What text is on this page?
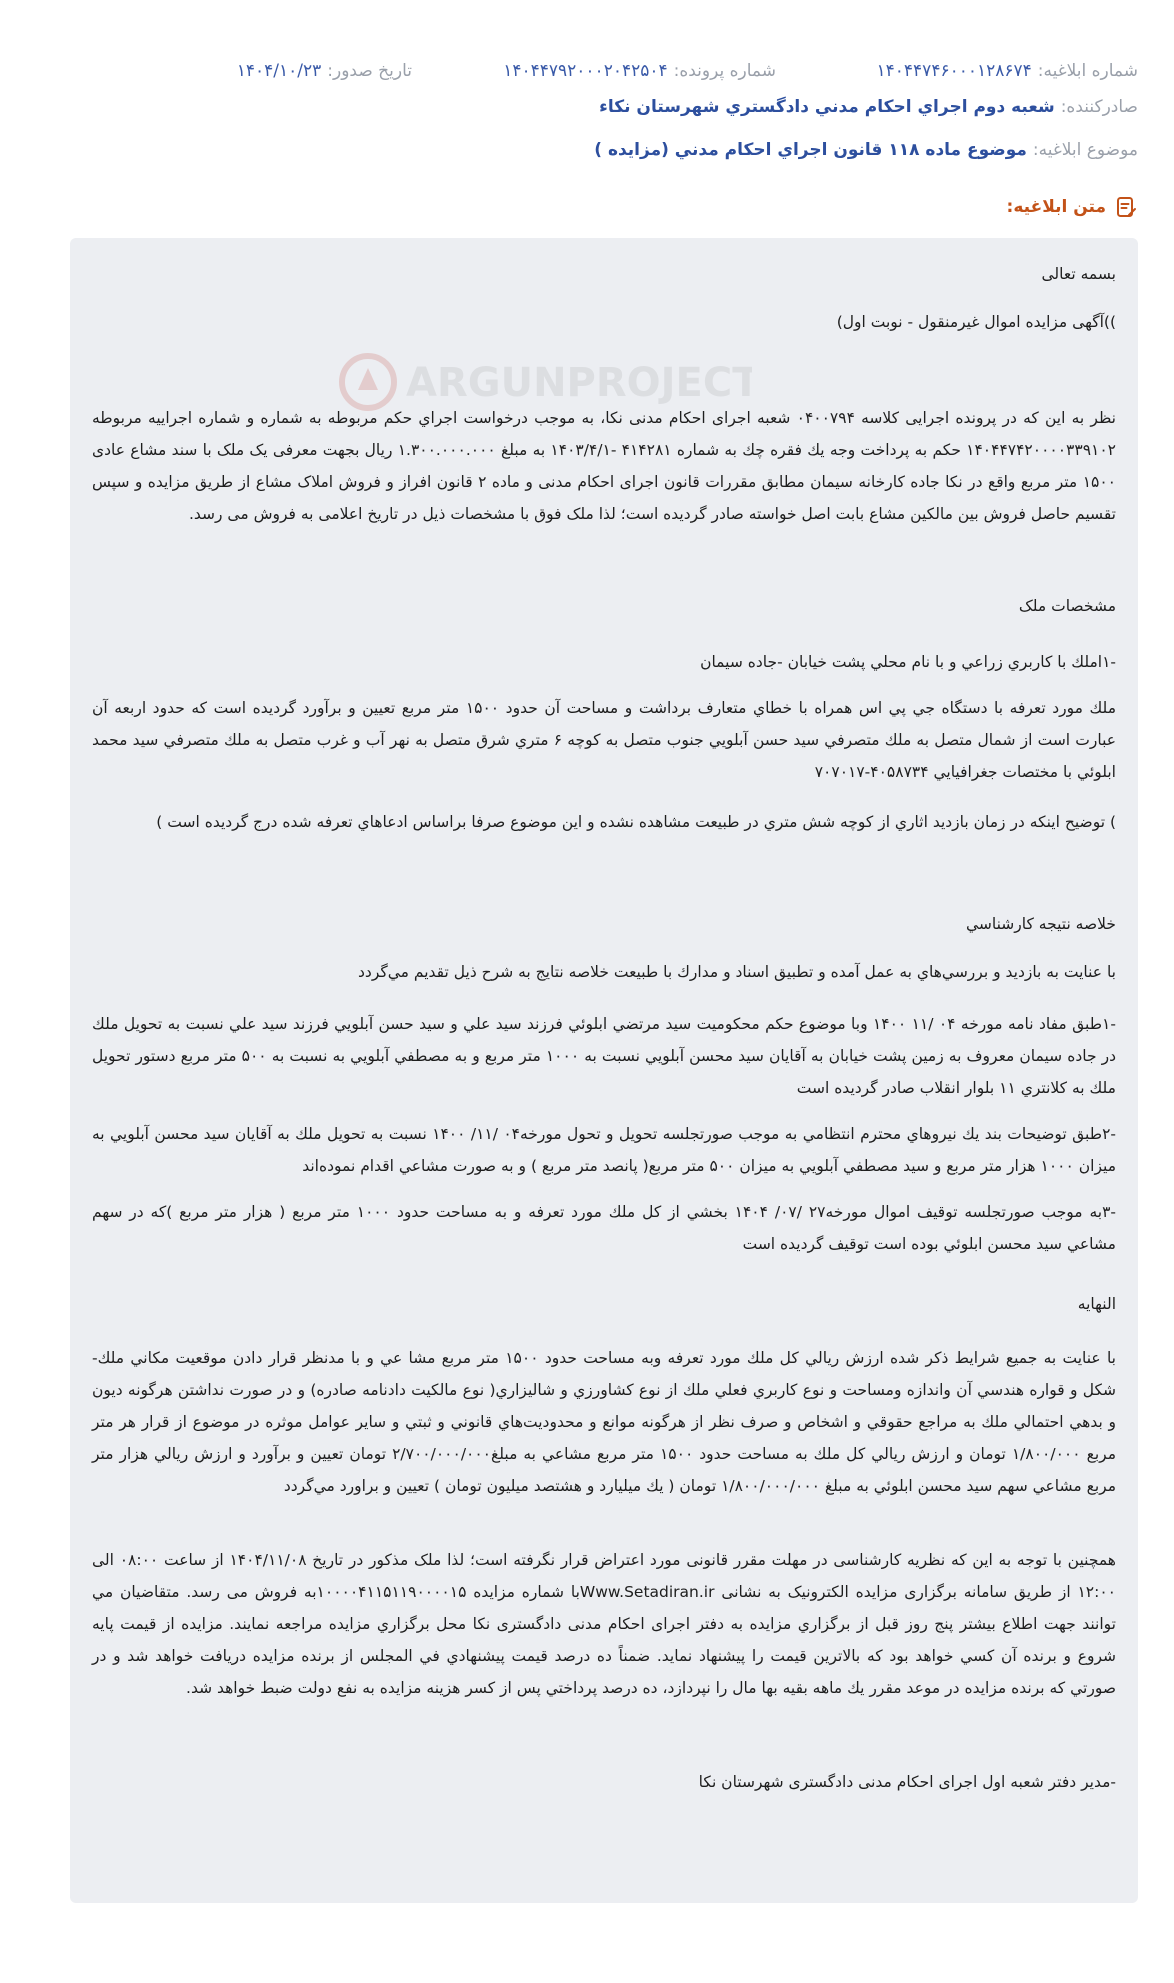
شماره ابلاغیه:
۱۴۰۴۴۷۴۶۰۰۰۱۲۸۶۷۴
شماره پرونده:
۱۴۰۴۴۷۹۲۰۰۰۲۰۴۲۵۰۴
تاریخ صدور:
۱۴۰۴/۱۰/۲۳
صادرکننده:
شعبه دوم اجراي احكام مدني دادگستري شهرستان نكاء
موضوع ابلاغیه:
موضوع ماده ۱۱۸ قانون اجراي احكام مدني (مزايده )
متن ابلاغیه:
ARGUNPROJECT
بسمه تعالی
))آگهی مزایده اموال غیرمنقول - نوبت اول)
نظر به این که در پرونده اجرایی كلاسه ۰۴۰۰۷۹۴ شعبه اجرای احكام مدنی نكا، به موجب درخواست اجراي حكم مربوطه به شماره و شماره اجراییه مربوطه ۱۴۰۴۴۷۴۲۰۰۰۰۳۳۹۱۰۲ حكم به پرداخت وجه يك فقره چك به شماره ۴۱۴۲۸۱ -۱۴۰۳/۴/۱ به مبلغ ۱.۳۰۰.۰۰۰.۰۰۰ ريال بجهت معرفی يک ملک با سند مشاع عادی ۱۵۰۰ متر مربع واقع در نكا جاده كارخانه سيمان مطابق مقررات قانون اجرای احكام مدنی و ماده ۲ قانون افراز و فروش املاک مشاع از طريق مزايده و سپس تقسيم حاصل فروش بين مالكين مشاع بابت اصل خواسته صادر گرديده است؛ لذا ملک فوق با مشخصات ذيل در تاريخ اعلامی به فروش می رسد.
مشخصات ملک
-۱املك با كاربري زراعي و با نام محلي پشت خيابان -جاده سيمان
ملك مورد تعرفه با دستگاه جي پي اس همراه با خطاي متعارف برداشت و مساحت آن حدود ۱۵۰۰ متر مربع تعيين و برآورد گرديده است كه حدود اربعه آن عبارت است از شمال متصل به ملك متصرفي سيد حسن آبلويي جنوب متصل به كوچه ۶ متري شرق متصل به نهر آب و غرب متصل به ملك متصرفي سيد محمد ابلوئي با مختصات جغرافيايي ۴۰۵۸۷۳۴-۷۰۷۰۱۷
) توضيح اينكه در زمان بازديد اثاري از كوچه شش متري در طبيعت مشاهده نشده و اين موضوع صرفا براساس ادعاهاي تعرفه شده درج گرديده است )
خلاصه نتيجه كارشناسي
با عنايت به بازديد و بررسي‌هاي به عمل آمده و تطبيق اسناد و مدارك با طبيعت خلاصه نتايج به شرح ذيل تقديم مي‌گردد
-۱طبق مفاد نامه مورخه ۰۴ /۱۱ ۱۴۰۰ وبا موضوع حكم محكوميت سيد مرتضي ابلوئي فرزند سيد علي و سيد حسن آبلويي فرزند سيد علي نسبت به تحويل ملك در جاده سيمان معروف به زمين پشت خيابان به آقايان سيد محسن آبلويي نسبت به ۱۰۰۰ متر مربع و به مصطفي آبلويي به نسبت به ۵۰۰ متر مربع دستور تحويل ملك به كلانتري ۱۱ بلوار انقلاب صادر گرديده است
-۲طبق توضيحات بند يك نيروهاي محترم انتظامي به موجب صورتجلسه تحويل و تحول مورخه۰۴ /۱۱/ ۱۴۰۰ نسبت به تحويل ملك به آقايان سيد محسن آبلويي به ميزان ۱۰۰۰ هزار متر مربع و سيد مصطفي آبلويي به ميزان ۵۰۰ متر مربع( پانصد متر مربع ) و به صورت مشاعي اقدام نموده‌اند
-۳به موجب صورتجلسه توقيف اموال مورخه۲۷ /۰۷/ ۱۴۰۴ بخشي از كل ملك مورد تعرفه و به مساحت حدود ۱۰۰۰ متر مربع ( هزار متر مربع )كه در سهم مشاعي سيد محسن ابلوئي بوده است توقيف گرديده است
النهايه
با عنايت به جميع شرايط ذكر شده ارزش ريالي كل ملك مورد تعرفه وبه مساحت حدود ۱۵۰۰ متر مربع مشا عي و با مدنظر قرار دادن موقعيت مكاني ملك- شكل و قواره هندسي آن واندازه ومساحت و نوع كاربري فعلي ملك از نوع كشاورزي و شاليزاري( نوع مالكيت دادنامه صادره) و در صورت نداشتن هرگونه ديون و بدهي احتمالي ملك به مراجع حقوقي و اشخاص و صرف نظر از هرگونه موانع و محدوديت‌هاي قانوني و ثبتي و ساير عوامل موثره در موضوع از قرار هر متر مربع ۱/۸۰۰/۰۰۰ تومان و ارزش ريالي كل ملك به مساحت حدود ۱۵۰۰ متر مربع مشاعي به مبلغ۲/۷۰۰/۰۰۰/۰۰۰ تومان تعيين و برآورد و ارزش ريالي هزار متر مربع مشاعي سهم سيد محسن ابلوئي به مبلغ ۱/۸۰۰/۰۰۰/۰۰۰ تومان ( يك ميليارد و هشتصد ميليون تومان ) تعيين و براورد مي‌گردد
همچنين با توجه به اين كه نظريه كارشناسی در مهلت مقرر قانونی مورد اعتراض قرار نگرفته است؛ لذا ملک مذكور در تاريخ ۱۴۰۴/۱۱/۰۸ از ساعت ۰۸:۰۰ الی ۱۲:۰۰ از طريق سامانه برگزاری مزايده الكترونيک به نشانی Www.Setadiran.irبا شماره مزايده ۱۰۰۰۰۴۱۱۵۱۱۹۰۰۰۰۱۵به فروش می رسد. متقاضيان مي توانند جهت اطلاع بيشتر پنج روز قبل از برگزاري مزايده به دفتر اجرای احكام مدنی دادگستری نكا محل برگزاري مزايده مراجعه نمايند. مزايده از قيمت پايه شروع و برنده آن كسي خواهد بود كه بالاترين قيمت را پيشنهاد نمايد. ضمناً ده درصد قيمت پيشنهادي في المجلس از برنده مزايده دريافت خواهد شد و در صورتي كه برنده مزايده در موعد مقرر يك ماهه بقيه بها مال را نپردازد، ده درصد پرداختي پس از كسر هزينه مزايده به نفع دولت ضبط خواهد شد.
-مدير دفتر شعبه اول اجرای احكام مدنی دادگستری شهرستان نكا
